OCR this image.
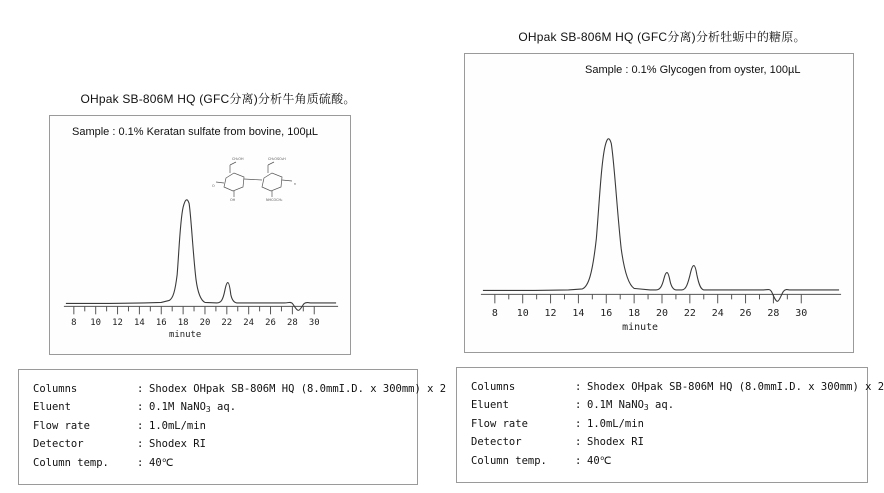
OHpak SB-806M HQ (GFC分离)分析牛角质硫酸。
Sample : 0.1% Keratan sulfate from bovine, 100µL
8 10 12 14 16 18 20 22 24 26 28 30
minute
CH₂OH	CH₂OSO₃H
O
OH	NHCOCH₃
n
Columns	: Shodex OHpak SB-806M HQ (8.0mmI.D. x 300mm) x 2
Eluent	: 0.1M NaNO$_3$ aq.
Flow rate	: 1.0mL/min
Detector	: Shodex RI
Column temp.	: 40℃
OHpak SB-806M HQ (GFC分离)分析牡蛎中的糖原。
Sample : 0.1% Glycogen from oyster, 100µL
8 10 12 14 16 18 20 22 24 26 28 30
minute
Columns	: Shodex OHpak SB-806M HQ (8.0mmI.D. x 300mm) x 2
Eluent	: 0.1M NaNO$_3$ aq.
Flow rate	: 1.0mL/min
Detector	: Shodex RI
Column temp.	: 40℃
